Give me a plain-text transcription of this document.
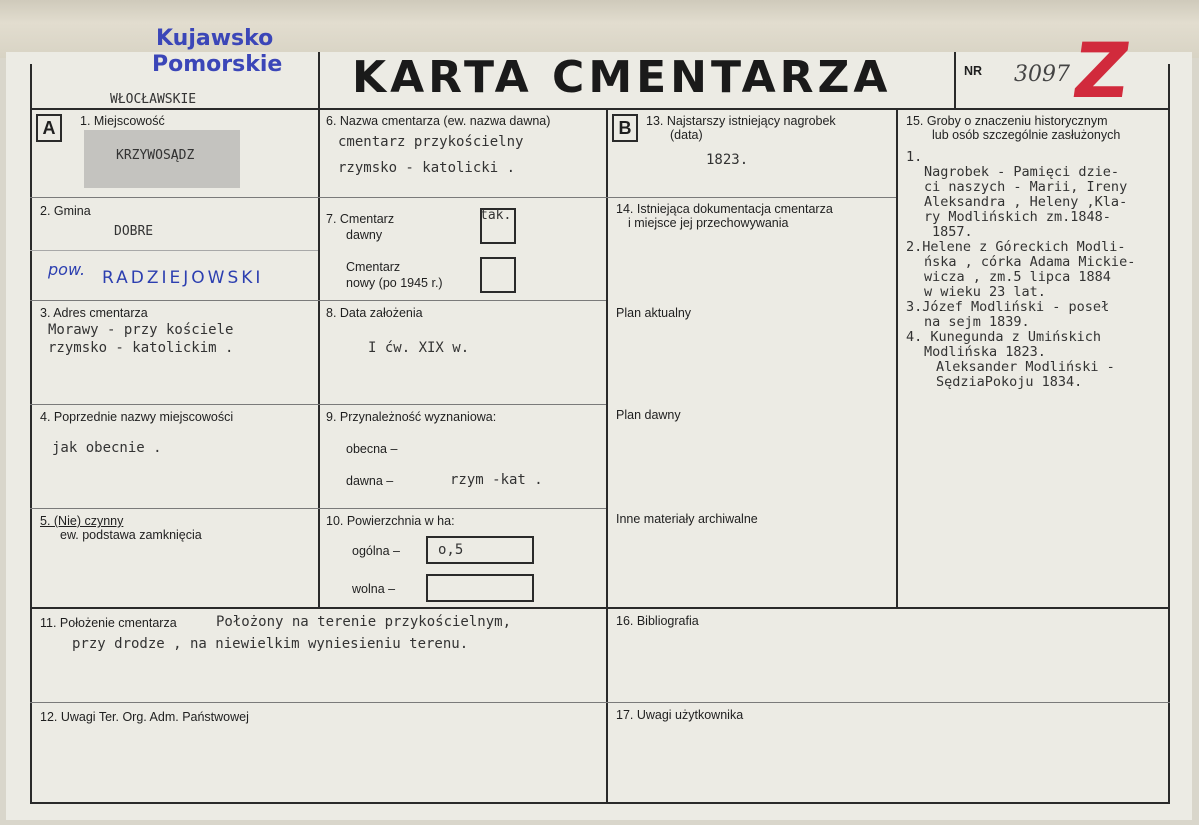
Kujawsko
Pomorskie
WŁOCŁAWSKIE	KARTA CMENTARZA	NR 3097
Z
A	1. Miejscowość
KRZYWOSĄDZ
2. Gmina
DOBRE
pow. RADZIEJOWSKI
3. Adres cmentarza
Morawy - przy kościele
rzymsko - katolickim .
4. Poprzednie nazwy miejscowości
jak obecnie .
5. (Nie) czynny
ew. podstawa zamknięcia
6. Nazwa cmentarza (ew. nazwa dawna)
cmentarz przykościelny
rzymsko - katolicki .
7. Cmentarz
dawny
tak.
Cmentarz
nowy (po 1945 r.)
8. Data założenia
I ćw. XIX w.
9. Przynależność wyznaniowa:
obecna –
dawna –	rzym -kat .
10. Powierzchnia w ha:
ogólna –	o,5
wolna –
B	13. Najstarszy istniejący nagrobek
(data)
1823.
14. Istniejąca dokumentacja cmentarza
i miejsce jej przechowywania
Plan aktualny
Plan dawny
Inne materiały archiwalne
15. Groby o znaczeniu historycznym
lub osób szczególnie zasłużonych
1.
Nagrobek - Pamięci dzie-
ci naszych - Marii, Ireny
Aleksandra , Heleny ,Kla-
ry Modlińskich zm.1848-
1857.
2.Helene z Góreckich Modli-
ńska , córka Adama Mickie-
wicza , zm.5 lipca 1884
w wieku 23 lat.
3.Józef Modliński - poseł
na sejm 1839.
4. Kunegunda z Umińskich
Modlińska 1823.
Aleksander Modliński -
SędziaPokoju 1834.
11. Położenie cmentarza	Położony na terenie przykościelnym,
przy drodze , na niewielkim wyniesieniu terenu.
16. Bibliografia
12. Uwagi Ter. Org. Adm. Państwowej	17. Uwagi użytkownika
